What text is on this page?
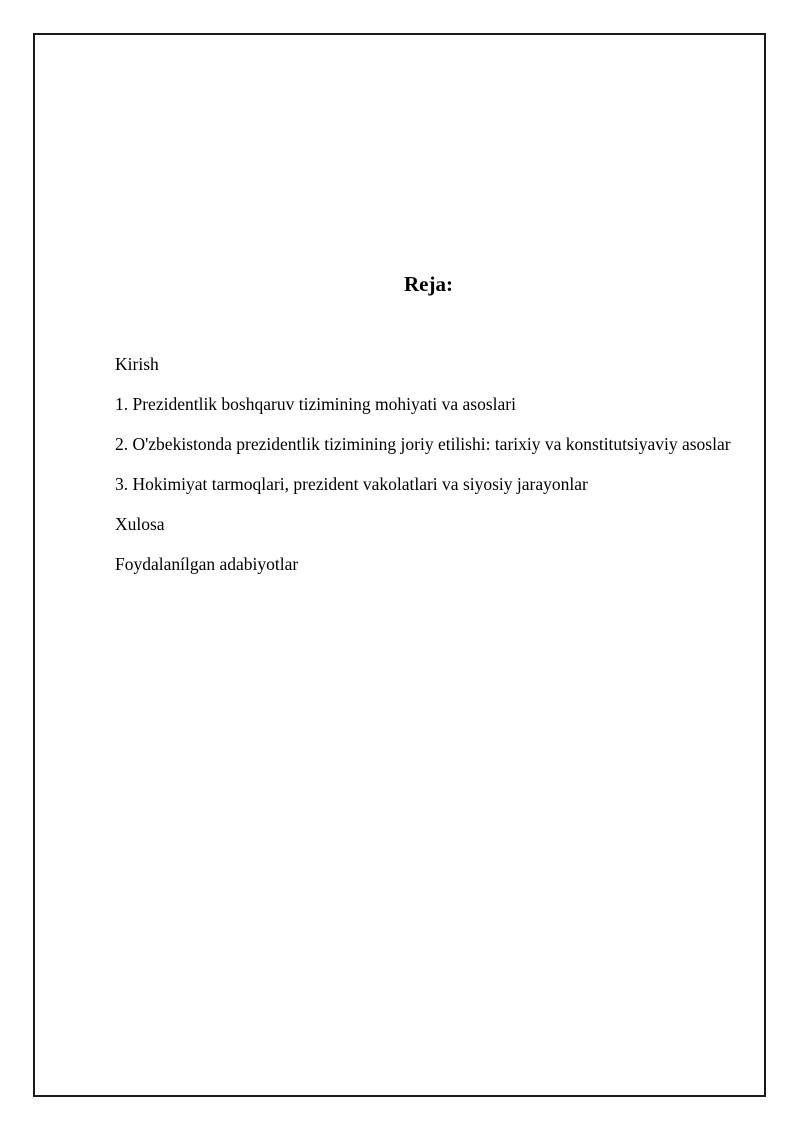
Reja:
Kirish
1. Prezidentlik boshqaruv tizimining mohiyati va asoslari
2. O'zbekistonda prezidentlik tizimining joriy etilishi: tarixiy va konstitutsiyaviy asoslar
3. Hokimiyat tarmoqlari, prezident vakolatlari va siyosiy jarayonlar
Xulosa
Foydalanílgan adabiyotlar
